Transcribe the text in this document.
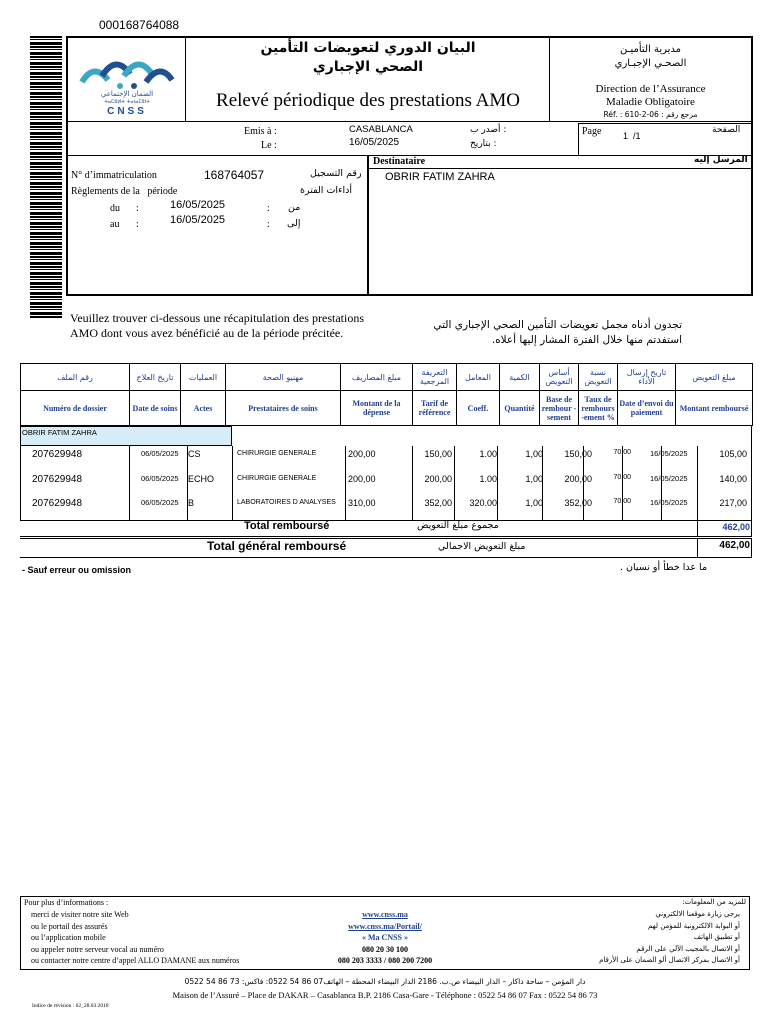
000168764088
الضمان الإجتماعي
ⵜⴰⵎⵓⵍⵜ ⵜⴰⵏⴰⵎⵓⵏⵜ
CNSS
البيان الدوري لتعويضات التأمين
الصحي الإجباري
Relevé périodique des prestations AMO
مديرية التأميـن
الصحـي الإجبـاري
Direction de l’Assurance
Maladie Obligatoire
Réf. : 610-2-06 : مرجع رقم
Emis à :	CASABLANCA	: أصدر ب
Le :	16/05/2025	: بتاريخ
Page 1  /1
الصفحة
N° d’immatriculation	168764057	رقم التسجيل
Règlements de la   période	أداءات الفترة
du :	16/05/2025	: من
au :	16/05/2025	: إلى
Destinataire	المرسل إليه
OBRIR FATIM ZAHRA
Veuillez trouver ci-dessous une récapitulation des prestations AMO dont vous avez bénéficié au de la période précitée.
تجدون أدناه مجمل تعويضات التأمين الصحي الإجباري التي
استفدتم منها خلال الفترة المشار إليها أعلاه.
رقم الملف	تاريخ العلاج	العمليات	مهنيو الصحة	مبلغ المصاريف	التعريفة المرجعية	المعامل	الكمية	أساس التعويض	نسبة التعويض	تاريخ إرسال الأداء	مبلغ التعويض
Numéro de dossier	Date de soins	Actes	Prestataires de soins	Montant de la dépense	Tarif de référence	Coeff.	Quantité	Base de rembour -sement	Taux de rembours -ement %	Date d’envoi du paiement	Montant remboursé
OBRIR FATIM ZAHRA
207629948	06/05/2025	CS	CHIRURGIE GENERALE	200,00	150,00	1.00	1,00	150,00	70,00	16/05/2025	105,00
207629948	06/05/2025	ECHO	CHIRURGIE GENERALE	200,00	200,00	1.00	1,00	200,00	70,00	16/05/2025	140,00
207629948	06/05/2025	B	LABORATOIRES D ANALYSES	310,00	352,00	320.00	1,00	352,00	70,00	16/05/2025	217,00
Total remboursé	مجموع مبلغ التعويض	462,00
Total général remboursé	مبلغ التعويض الاجمالي	462,00
- Sauf erreur ou omission	ما عدا خطأ أو نسيان .
Pour plus d’informations :
merci de visiter notre site Web
ou le portail des assurés
ou l’application mobile
ou appeler notre serveur vocal au numéro
ou contacter notre centre d’appel ALLO DAMANE aux numéros
www.cnss.ma
www.cnss.ma/Portail/
« Ma CNSS »
080 20 30 100
080 203 3333 / 080 200 7200
للمزيد من المعلومات:
يرجى زيارة موقعنا الالكتروني
أو البوابة الالكترونية للمؤمن لهم
أو تطبيق الهاتف
أو الاتصال بالمجيب الآلي على الرقم
أو الاتصال بمركز الاتصال ألو الضمان على الأرقام
دار المؤمن – ساحة داكار – الدار البيضاء ص.ب. 2186 الدار البيضاء المحطة – الهاتف07 86 54 0522: فاكس: 73 86 54 0522
Maison de l’Assuré – Place de DAKAR – Casablanca B.P. 2186 Casa-Gare - Téléphone : 0522 54 86 07 Fax : 0522 54 86 73
Indice de révision : 02_28.03.2018
